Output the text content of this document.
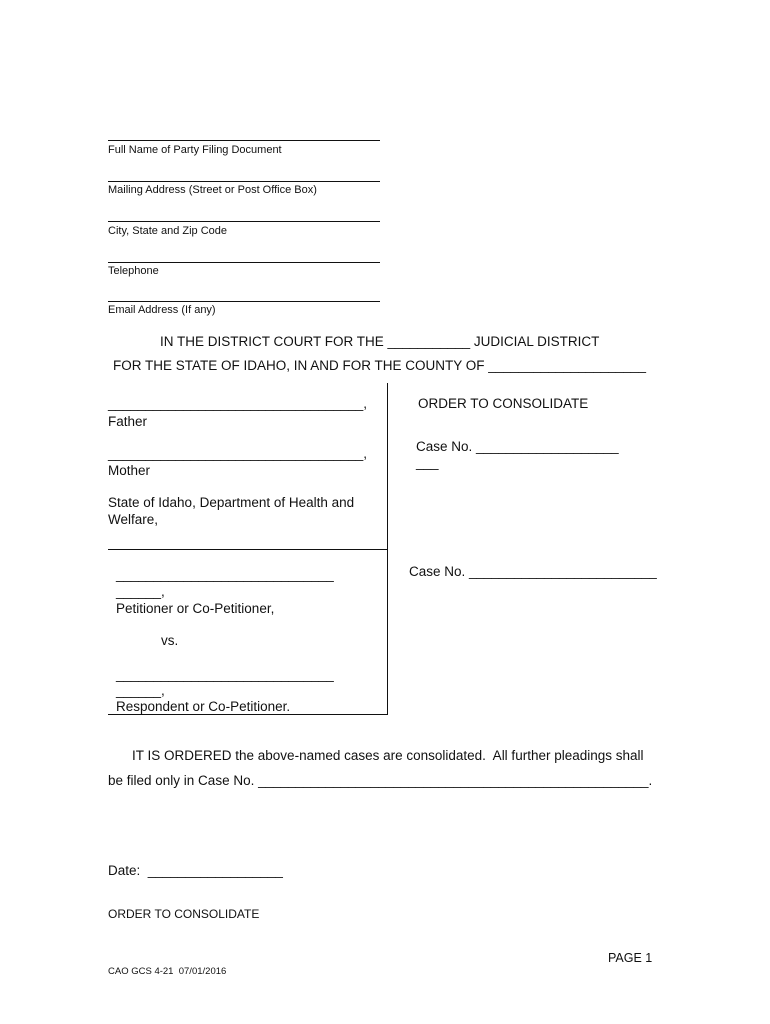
Full Name of Party Filing Document
Mailing Address (Street or Post Office Box)
City, State and Zip Code
Telephone
Email Address (If any)
IN THE DISTRICT COURT FOR THE ___________ JUDICIAL DISTRICT
FOR THE STATE OF IDAHO, IN AND FOR THE COUNTY OF _____________________
__________________________________,
Father
__________________________________,
Mother
State of Idaho, Department of Health and
Welfare,
_____________________________
______,
Petitioner or Co-Petitioner,
vs.
_____________________________
______,
Respondent or Co-Petitioner.
ORDER TO CONSOLIDATE
Case No. ___________________
___
Case No. _________________________
IT IS ORDERED the above-named cases are consolidated.  All further pleadings shall
be filed only in Case No. ____________________________________________________.
Date:  __________________
ORDER TO CONSOLIDATE
PAGE 1
CAO GCS 4-21  07/01/2016
